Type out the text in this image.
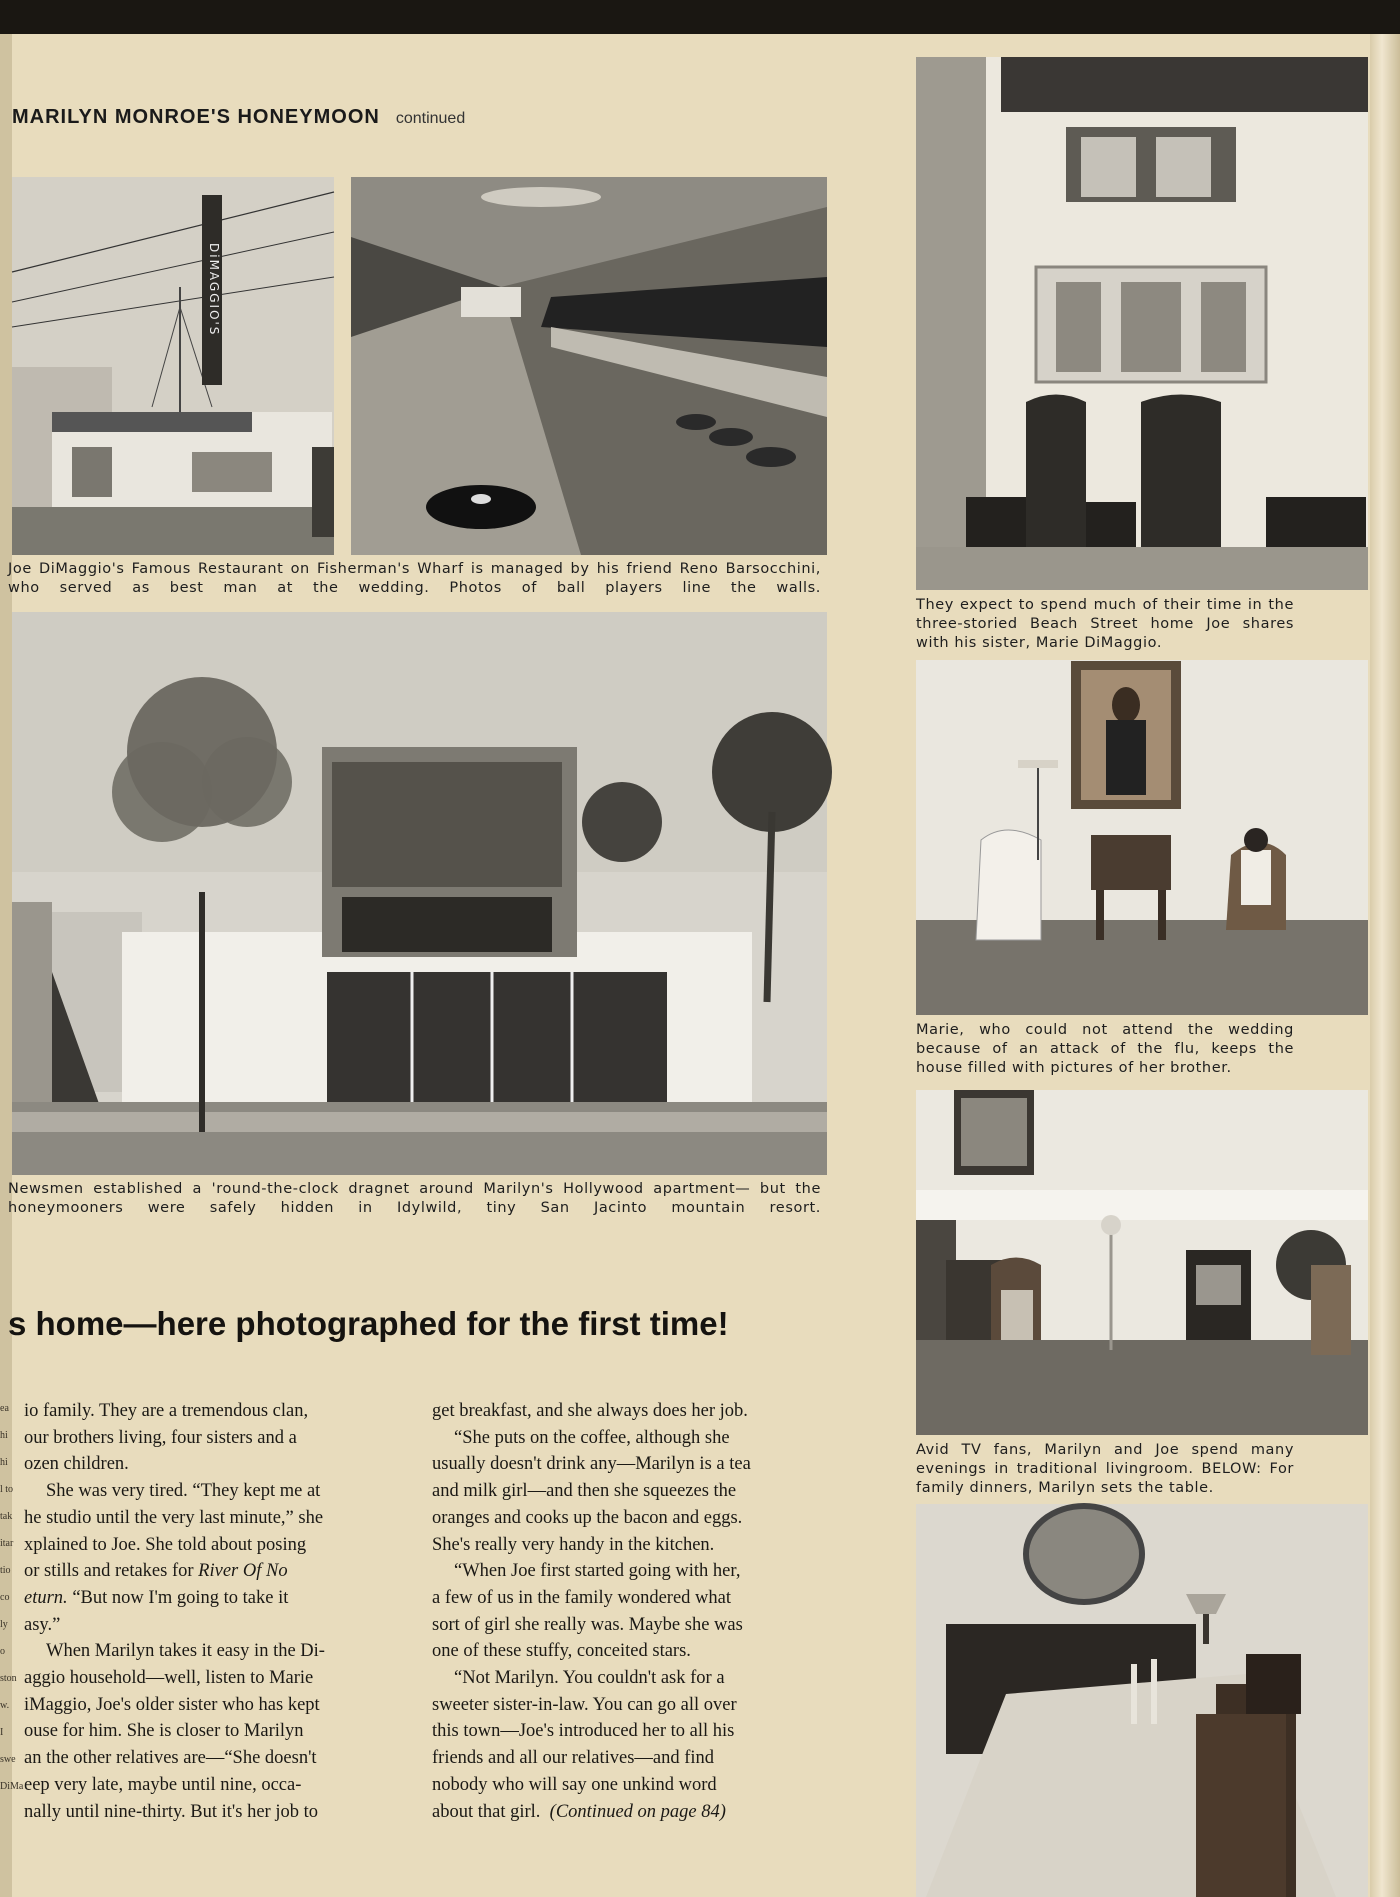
MARILYN MONROE'S HONEYMOON continued
DiMAGGIO'S
Joe DiMaggio's Famous Restaurant on Fisherman's Wharf is managed by his friend Reno Barsocchini, who served as best man at the wedding. Photos of ball players line the walls.
Newsmen established a 'round-the-clock dragnet around Marilyn's Hollywood apartment— but the honeymooners were safely hidden in Idylwild, tiny San Jacinto mountain resort.
They expect to spend much of their time in the three-storied Beach Street home Joe shares with his sister, Marie DiMaggio.
Marie, who could not attend the wedding because of an attack of the flu, keeps the house filled with pictures of her brother.
Avid TV fans, Marilyn and Joe spend many evenings in traditional livingroom. BELOW: For family dinners, Marilyn sets the table.
s home—here photographed for the first time!
ea
hi
hi
l to
tak
itar
tio
co
ly o
ston
w. I
swe
DiMa

io family. They are a tremendous clan,

our brothers living, four sisters and a

ozen children.

She was very tired. “They kept me at

he studio until the very last minute,” she

xplained to Joe. She told about posing

or stills and retakes for River Of No

eturn. “But now I'm going to take it

asy.”

When Marilyn takes it easy in the Di-

aggio household—well, listen to Marie

iMaggio, Joe's older sister who has kept

ouse for him. She is closer to Marilyn

an the other relatives are—“She doesn't

eep very late, maybe until nine, occa-

nally until nine-thirty. But it's her job to

get breakfast, and she always does her job.

“She puts on the coffee, although she

usually doesn't drink any—Marilyn is a tea

and milk girl—and then she squeezes the

oranges and cooks up the bacon and eggs.

She's really very handy in the kitchen.

“When Joe first started going with her,

a few of us in the family wondered what

sort of girl she really was. Maybe she was

one of these stuffy, conceited stars.

“Not Marilyn. You couldn't ask for a

sweeter sister-in-law. You can go all over

this town—Joe's introduced her to all his

friends and all our relatives—and find

nobody who will say one unkind word

about that girl. (Continued on page 84)
